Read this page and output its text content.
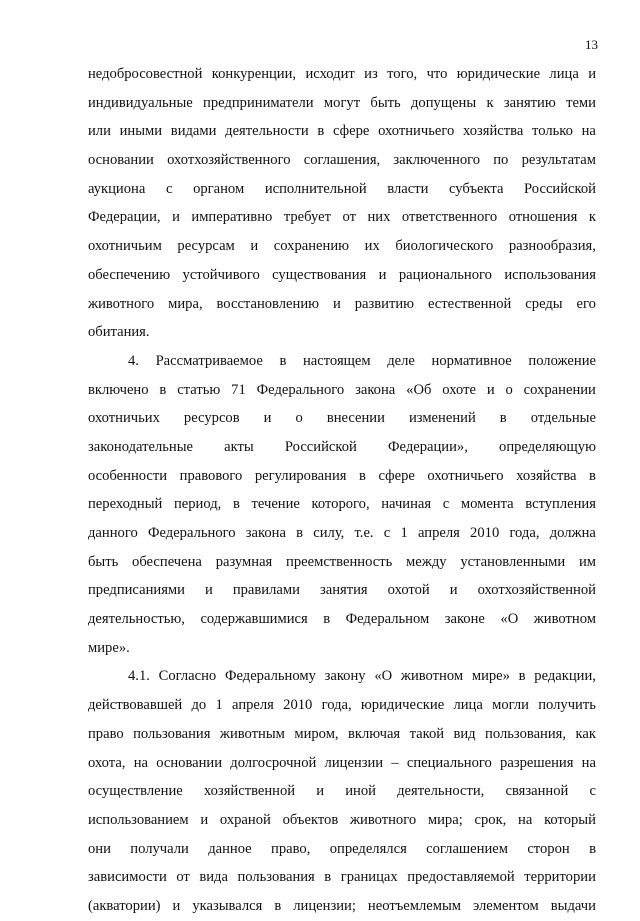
13
недобросовестной конкуренции, исходит из того, что юридические лица и
индивидуальные предприниматели могут быть допущены к занятию теми
или иными видами деятельности в сфере охотничьего хозяйства только на
основании охотхозяйственного соглашения, заключенного по результатам
аукциона с органом исполнительной власти субъекта Российской
Федерации, и императивно требует от них ответственного отношения к
охотничьим ресурсам и сохранению их биологического разнообразия,
обеспечению устойчивого существования и рационального использования
животного мира, восстановлению и развитию естественной среды его
обитания.
4. Рассматриваемое в настоящем деле нормативное положение
включено в статью 71 Федерального закона «Об охоте и о сохранении
охотничьих ресурсов и о внесении изменений в отдельные
законодательные акты Российской Федерации», определяющую
особенности правового регулирования в сфере охотничьего хозяйства в
переходный период, в течение которого, начиная с момента вступления
данного Федерального закона в силу, т.е. с 1 апреля 2010 года, должна
быть обеспечена разумная преемственность между установленными им
предписаниями и правилами занятия охотой и охотхозяйственной
деятельностью, содержавшимися в Федеральном законе «О животном
мире».
4.1. Согласно Федеральному закону «О животном мире» в редакции,
действовавшей до 1 апреля 2010 года, юридические лица могли получить
право пользования животным миром, включая такой вид пользования, как
охота, на основании долгосрочной лицензии – специального разрешения на
осуществление хозяйственной и иной деятельности, связанной с
использованием и охраной объектов животного мира; срок, на который
они получали данное право, определялся соглашением сторон в
зависимости от вида пользования в границах предоставляемой территории
(акватории) и указывался в лицензии; неотъемлемым элементом выдачи
